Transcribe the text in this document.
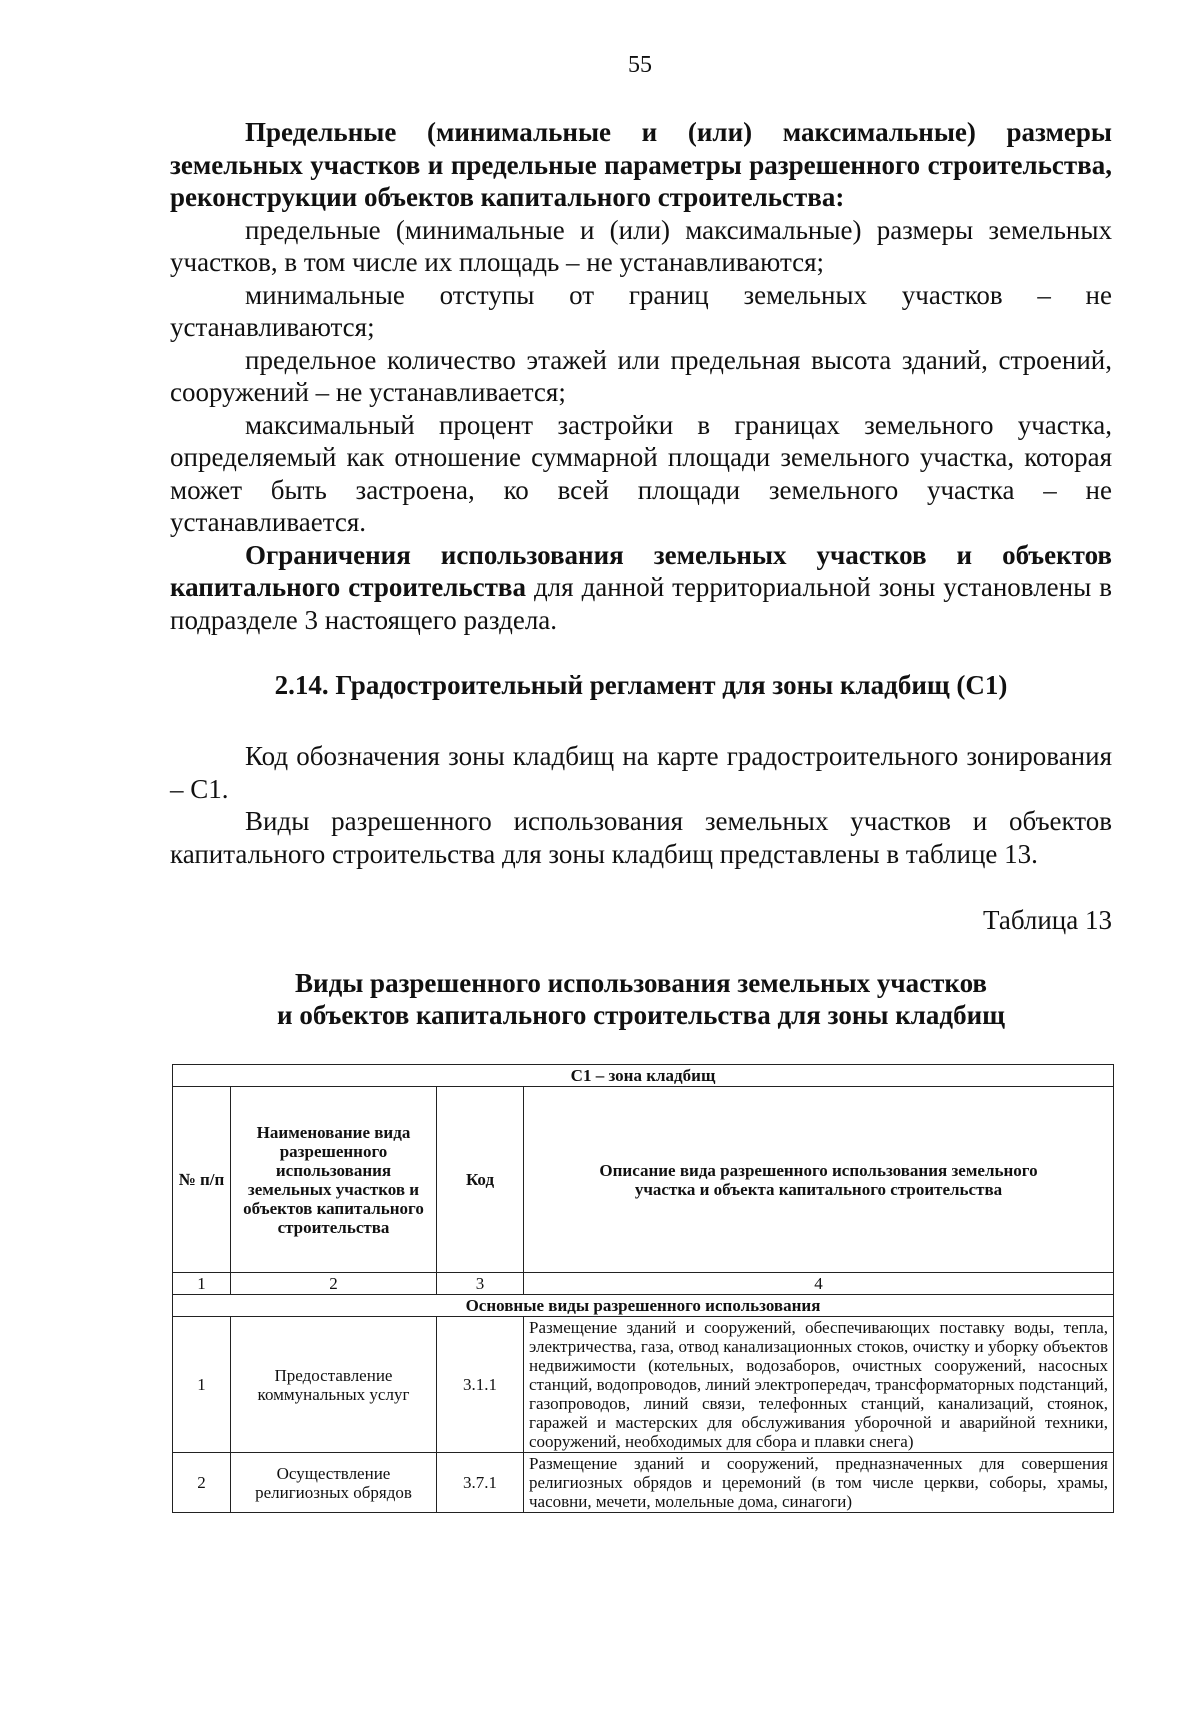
55

Предельные (минимальные и (или) максимальные) размеры земельных участков и предельные параметры разрешенного строительства, реконструкции объектов капитального строительства:

предельные (минимальные и (или) максимальные) размеры земельных участков, в том числе их площадь – не устанавливаются;

минимальные отступы от границ земельных участков – не устанавливаются;

предельное количество этажей или предельная высота зданий, строений, сооружений – не устанавливается;

максимальный процент застройки в границах земельного участка, определяемый как отношение суммарной площади земельного участка, которая может быть застроена, ко всей площади земельного участка – не устанавливается.

Ограничения использования земельных участков и объектов капитального строительства для данной территориальной зоны установлены в подразделе 3 настоящего раздела.

2.14. Градостроительный регламент для зоны кладбищ (С1)

Код обозначения зоны кладбищ на карте градостроительного зонирования – С1.

Виды разрешенного использования земельных участков и объектов капитального строительства для зоны кладбищ представлены в таблице 13.

Таблица 13
Виды разрешенного использования земельных участков
и объектов капитального строительства для зоны кладбищ
С1 – зона кладбищ			
№ п/п	Наименование вида разрешенного использования земельных участков и объектов капитального строительства	Код	Описание вида разрешенного использования земельного участка и объекта капитального строительства
1	2	3	4
Основные виды разрешенного использования			
1	Предоставление коммунальных услуг	3.1.1	Размещение зданий и сооружений, обеспечивающих поставку воды, тепла, электричества, газа, отвод канализационных стоков, очистку и уборку объектов недвижимости (котельных, водозаборов, очистных сооружений, насосных станций, водопроводов, линий электропередач, трансформаторных подстанций, газопроводов, линий связи, телефонных станций, канализаций, стоянок, гаражей и мастерских для обслуживания уборочной и аварийной техники, сооружений, необходимых для сбора и плавки снега)
2	Осуществление религиозных обрядов	3.7.1	Размещение зданий и сооружений, предназначенных для совершения религиозных обрядов и церемоний (в том числе церкви, соборы, храмы, часовни, мечети, молельные дома, синагоги)
